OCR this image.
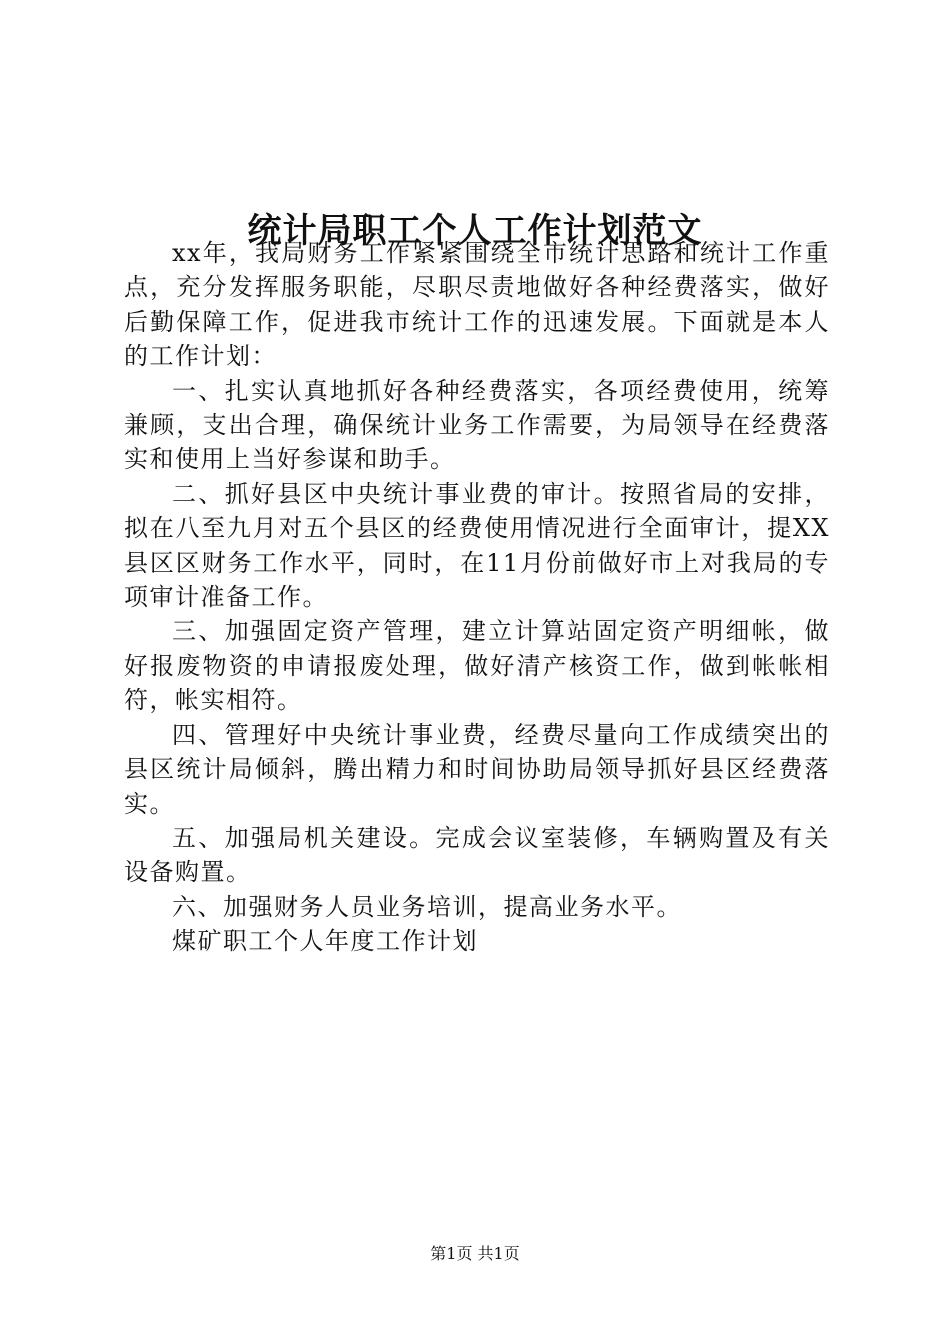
统计局职工个人工作计划范文

xx年，我局财务工作紧紧围绕全市统计思路和统计工作重点，充分发挥服务职能，尽职尽责地做好各种经费落实，做好后勤保障工作，促进我市统计工作的迅速发展。下面就是本人的工作计划：

一、扎实认真地抓好各种经费落实，各项经费使用，统筹兼顾，支出合理，确保统计业务工作需要，为局领导在经费落实和使用上当好参谋和助手。

二、抓好县区中央统计事业费的审计。按照省局的安排，拟在八至九月对五个县区的经费使用情况进行全面审计，提XX县区区财务工作水平，同时，在11月份前做好市上对我局的专项审计准备工作。

三、加强固定资产管理，建立计算站固定资产明细帐，做好报废物资的申请报废处理，做好清产核资工作，做到帐帐相符，帐实相符。

四、管理好中央统计事业费，经费尽量向工作成绩突出的县区统计局倾斜，腾出精力和时间协助局领导抓好县区经费落实。

五、加强局机关建设。完成会议室装修，车辆购置及有关设备购置。

六、加强财务人员业务培训，提高业务水平。

煤矿职工个人年度工作计划

第1页 共1页
